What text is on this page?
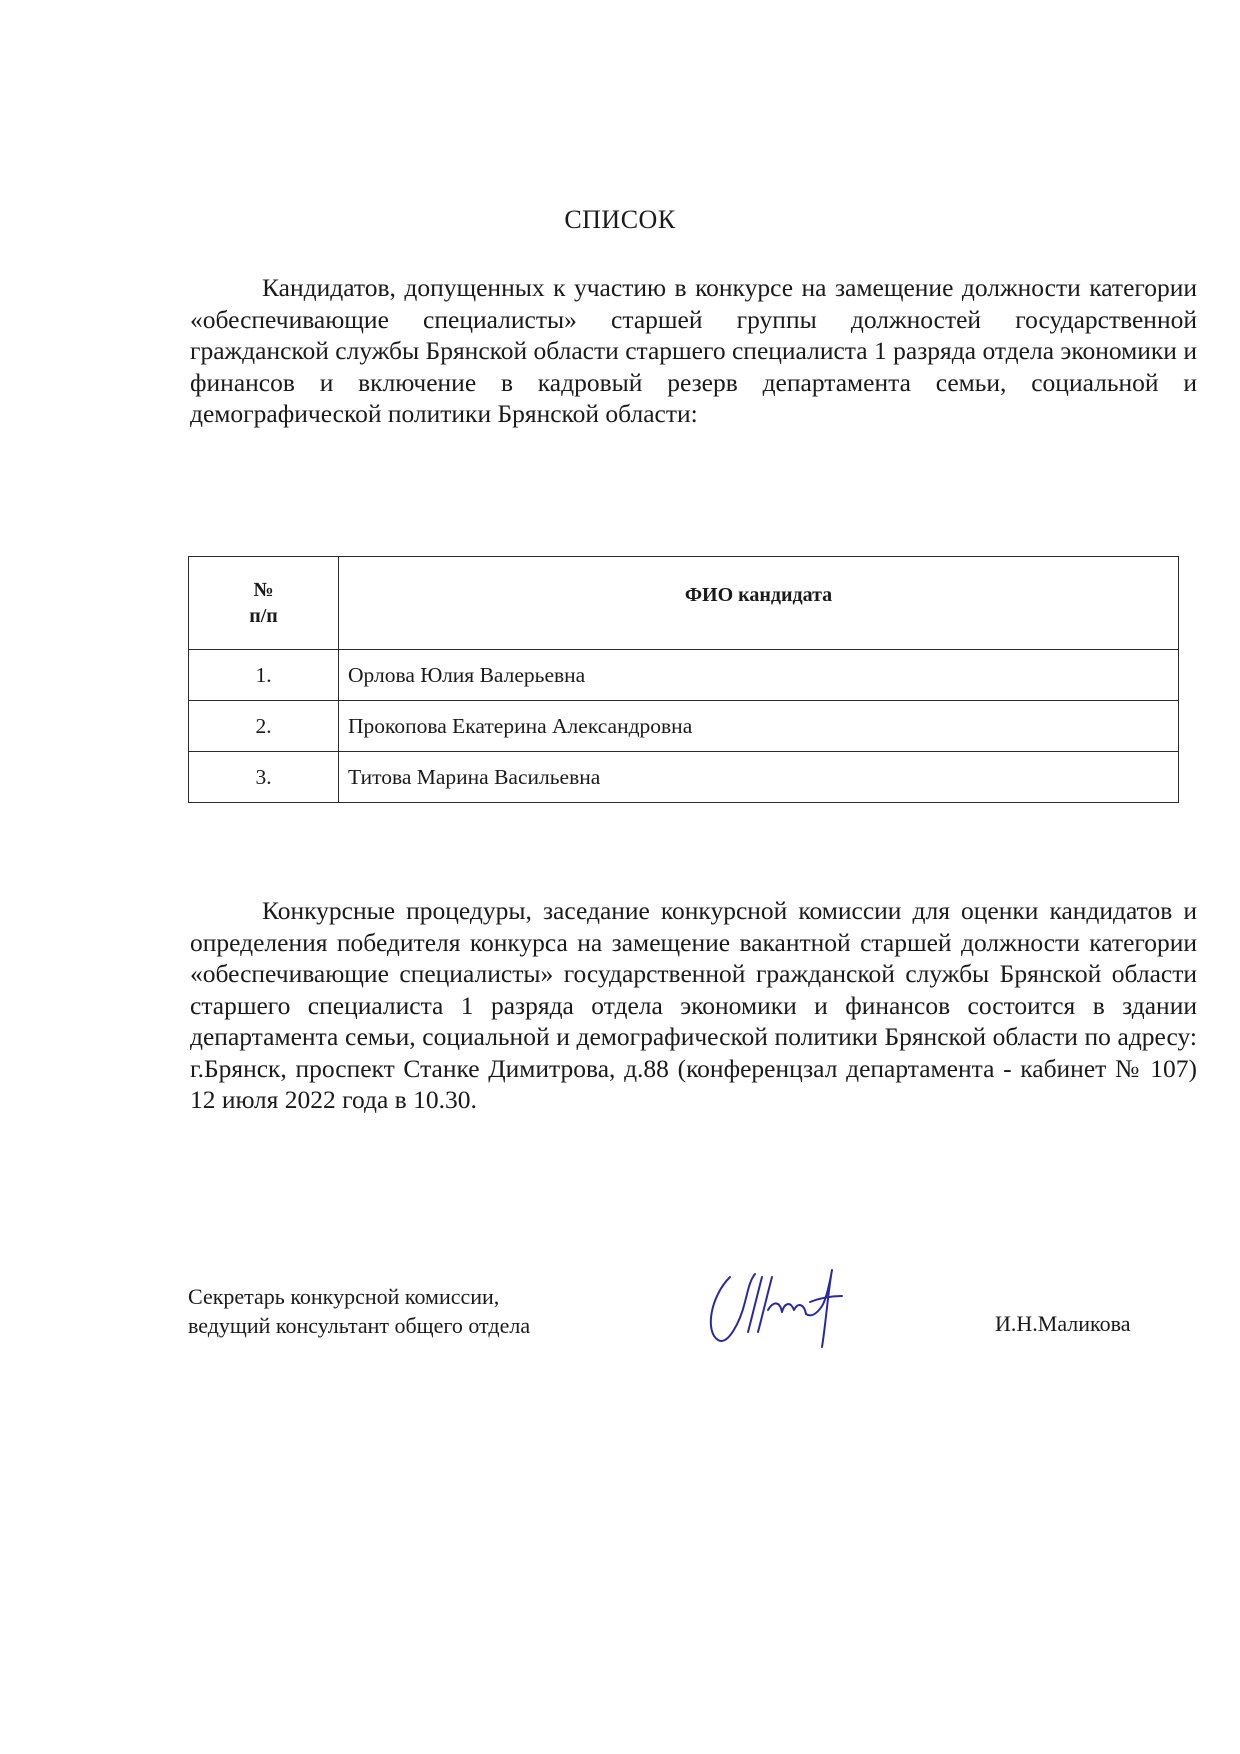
СПИСОК

Кандидатов, допущенных к участию в конкурсе на замещение должности категории «обеспечивающие специалисты» старшей группы должностей государственной гражданской службы Брянской области старшего специалиста 1 разряда отдела экономики и финансов и включение в кадровый резерв департамента семьи, социальной и демографической политики Брянской области:

№
п/п	ФИО кандидата
1.	Орлова Юлия Валерьевна
2.	Прокопова Екатерина Александровна
3.	Титова Марина Васильевна

Конкурсные процедуры, заседание конкурсной комиссии для оценки кандидатов и определения победителя конкурса на замещение вакантной старшей должности категории «обеспечивающие специалисты» государственной гражданской службы Брянской области старшего специалиста 1 разряда отдела экономики и финансов состоится в здании департамента семьи, социальной и демографической политики Брянской области по адресу: г.Брянск, проспект Станке Димитрова, д.88 (конференцзал департамента - кабинет № 107) 12 июля 2022 года в 10.30.

Секретарь конкурсной комиссии,
ведущий консультант общего отдела	И.Н.Маликова
